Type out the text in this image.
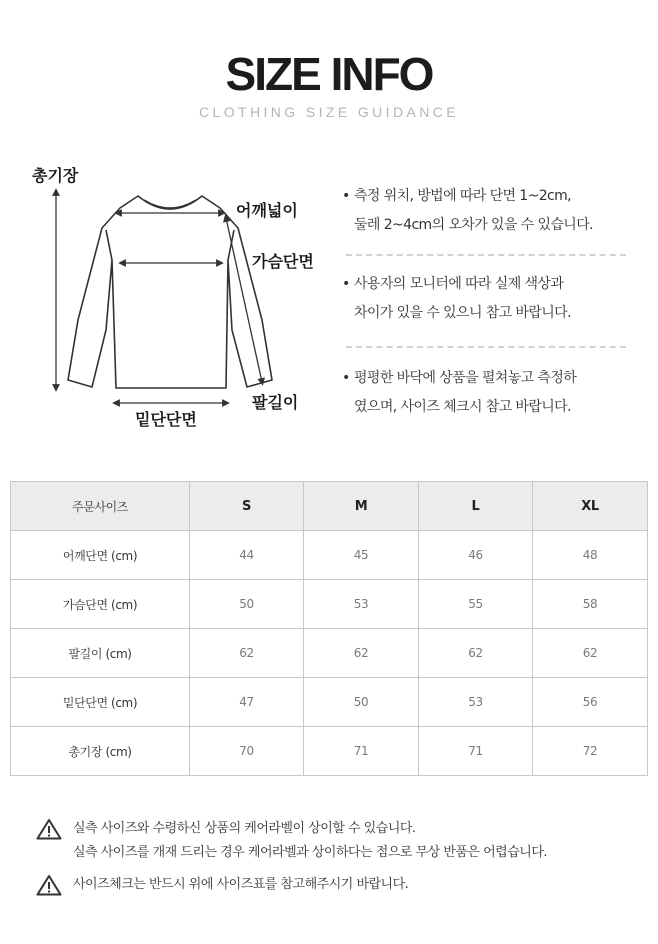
SIZE INFO
CLOTHING SIZE GUIDANCE
총기장
어깨넓이
가슴단면
팔길이
밑단단면
• 측정 위치, 방법에 따라 단면 1~2cm,
둘레 2~4cm의 오차가 있을 수 있습니다.
• 사용자의 모니터에 따라 실제 색상과
차이가 있을 수 있으니 참고 바랍니다.
• 평평한 바닥에 상품을 펼쳐놓고 측정하
였으며, 사이즈 체크시 참고 바랍니다.
주문사이즈	S	M	L	XL
어깨단면 (cm)	44	45	46	48
가슴단면 (cm)	50	53	55	58
팔길이 (cm)	62	62	62	62
밑단단면 (cm)	47	50	53	56
총기장 (cm)	70	71	71	72
실측 사이즈와 수령하신 상품의 케어라벨이 상이할 수 있습니다.
실측 사이즈를 개재 드리는 경우 케어라벨과 상이하다는 점으로 무상 반품은 어렵습니다.
사이즈체크는 반드시 위에 사이즈표를 참고해주시기 바랍니다.
